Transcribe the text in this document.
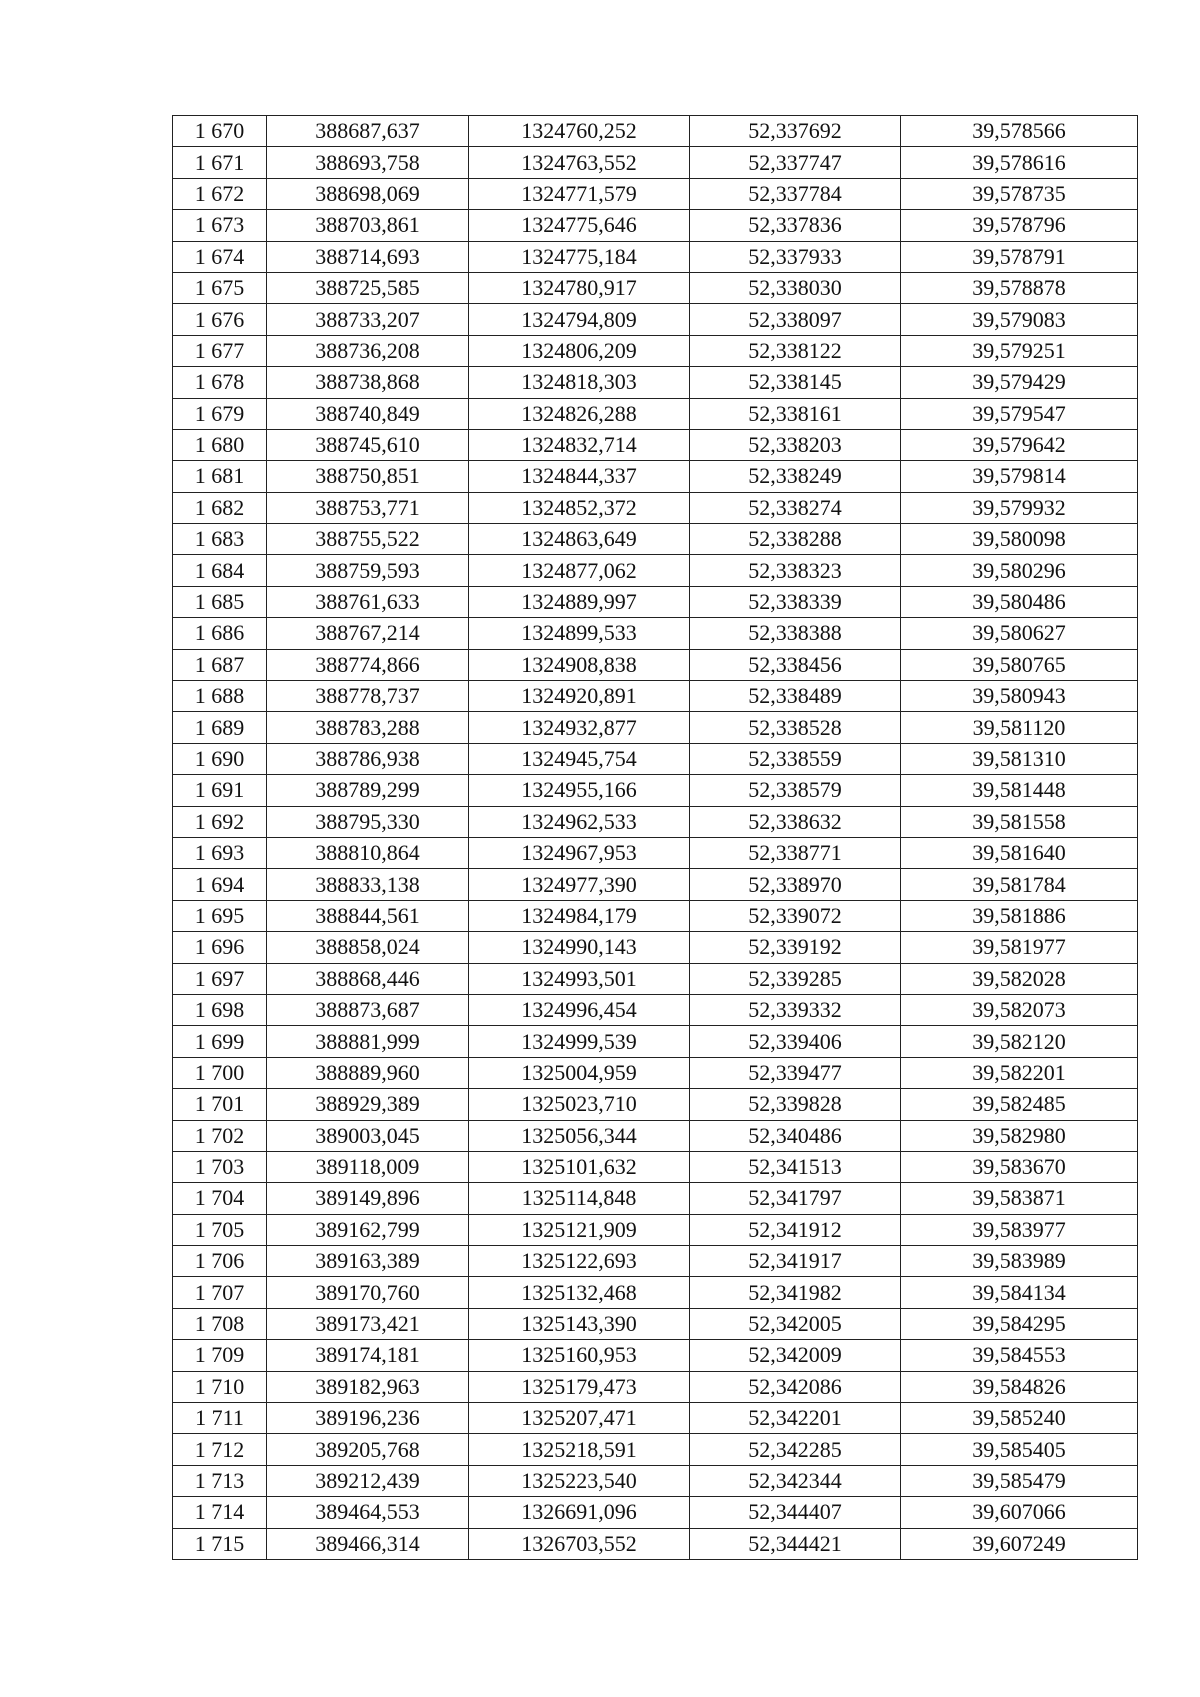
1 670	388687,637	1324760,252	52,337692	39,578566
1 671	388693,758	1324763,552	52,337747	39,578616
1 672	388698,069	1324771,579	52,337784	39,578735
1 673	388703,861	1324775,646	52,337836	39,578796
1 674	388714,693	1324775,184	52,337933	39,578791
1 675	388725,585	1324780,917	52,338030	39,578878
1 676	388733,207	1324794,809	52,338097	39,579083
1 677	388736,208	1324806,209	52,338122	39,579251
1 678	388738,868	1324818,303	52,338145	39,579429
1 679	388740,849	1324826,288	52,338161	39,579547
1 680	388745,610	1324832,714	52,338203	39,579642
1 681	388750,851	1324844,337	52,338249	39,579814
1 682	388753,771	1324852,372	52,338274	39,579932
1 683	388755,522	1324863,649	52,338288	39,580098
1 684	388759,593	1324877,062	52,338323	39,580296
1 685	388761,633	1324889,997	52,338339	39,580486
1 686	388767,214	1324899,533	52,338388	39,580627
1 687	388774,866	1324908,838	52,338456	39,580765
1 688	388778,737	1324920,891	52,338489	39,580943
1 689	388783,288	1324932,877	52,338528	39,581120
1 690	388786,938	1324945,754	52,338559	39,581310
1 691	388789,299	1324955,166	52,338579	39,581448
1 692	388795,330	1324962,533	52,338632	39,581558
1 693	388810,864	1324967,953	52,338771	39,581640
1 694	388833,138	1324977,390	52,338970	39,581784
1 695	388844,561	1324984,179	52,339072	39,581886
1 696	388858,024	1324990,143	52,339192	39,581977
1 697	388868,446	1324993,501	52,339285	39,582028
1 698	388873,687	1324996,454	52,339332	39,582073
1 699	388881,999	1324999,539	52,339406	39,582120
1 700	388889,960	1325004,959	52,339477	39,582201
1 701	388929,389	1325023,710	52,339828	39,582485
1 702	389003,045	1325056,344	52,340486	39,582980
1 703	389118,009	1325101,632	52,341513	39,583670
1 704	389149,896	1325114,848	52,341797	39,583871
1 705	389162,799	1325121,909	52,341912	39,583977
1 706	389163,389	1325122,693	52,341917	39,583989
1 707	389170,760	1325132,468	52,341982	39,584134
1 708	389173,421	1325143,390	52,342005	39,584295
1 709	389174,181	1325160,953	52,342009	39,584553
1 710	389182,963	1325179,473	52,342086	39,584826
1 711	389196,236	1325207,471	52,342201	39,585240
1 712	389205,768	1325218,591	52,342285	39,585405
1 713	389212,439	1325223,540	52,342344	39,585479
1 714	389464,553	1326691,096	52,344407	39,607066
1 715	389466,314	1326703,552	52,344421	39,607249
